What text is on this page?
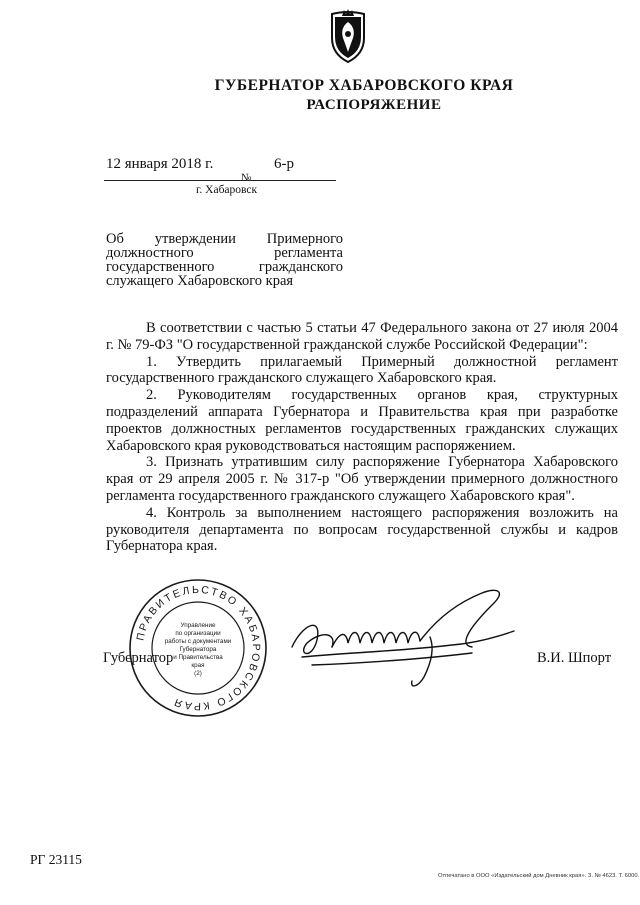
ГУБЕРНАТОР ХАБАРОВСКОГО КРАЯ
РАСПОРЯЖЕНИЕ
12 января 2018 г.
№
6-р
г. Хабаровск
Об утверждении Примерного должностного регламента государственного гражданского служащего Хабаровского края

В соответствии с частью 5 статьи 47 Федерального закона от 27 июля 2004 г. № 79-ФЗ "О государственной гражданской службе Российской Федерации":

1. Утвердить прилагаемый Примерный должностной регламент государственного гражданского служащего Хабаровского края.

2. Руководителям государственных органов края, структурных подразделений аппарата Губернатора и Правительства края при разработке проектов должностных регламентов государственных гражданских служащих Хабаровского края руководствоваться настоящим распоряжением.

3. Признать утратившим силу распоряжение Губернатора Хабаровского края от 29 апреля 2005 г. № 317-р "Об утверждении примерного должностного регламента государственного гражданского служащего Хабаровского края".

4. Контроль за выполнением настоящего распоряжения возложить на руководителя департамента по вопросам государственной службы и кадров Губернатора края.

Губернатор	В.И. Шпорт
ПРАВИТЕЛЬСТВО ХАБАРОВСКОГО КРАЯ
Управление
по организации
работы с документами
Губернатора
и Правительства
края
(2)
РГ 23115
Отпечатано в ООО «Издательский дом Дневник края». З. № 4623. Т. 6000.
